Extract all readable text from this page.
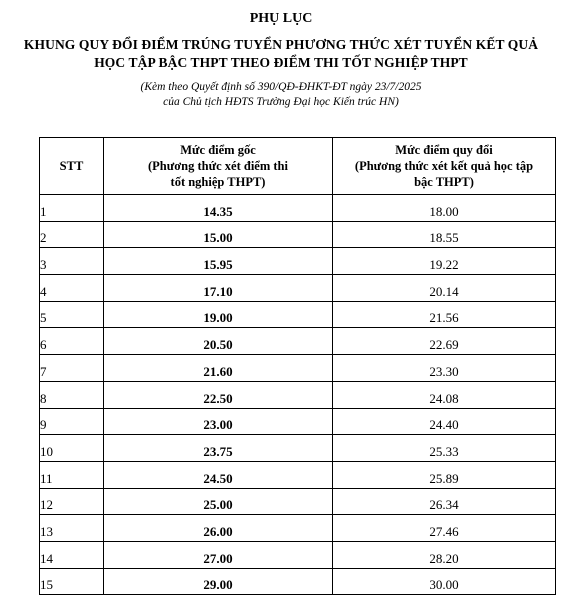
PHỤ LỤC

KHUNG QUY ĐỔI ĐIỂM TRÚNG TUYỂN PHƯƠNG THỨC XÉT TUYỂN KẾT QUẢ

HỌC TẬP BẬC THPT THEO ĐIỂM THI TỐT NGHIỆP THPT

(Kèm theo Quyết định số 390/QĐ-ĐHKT-ĐT ngày 23/7/2025

của Chủ tịch HĐTS Trường Đại học Kiến trúc HN)

STT	Mức điểm gốc
(Phương thức xét điểm thi
tốt nghiệp THPT)	Mức điểm quy đổi
(Phương thức xét kết quả học tập
bậc THPT)

1	14.35	18.00
2	15.00	18.55
3	15.95	19.22
4	17.10	20.14
5	19.00	21.56
6	20.50	22.69
7	21.60	23.30
8	22.50	24.08
9	23.00	24.40
10	23.75	25.33
11	24.50	25.89
12	25.00	26.34
13	26.00	27.46
14	27.00	28.20
15	29.00	30.00
